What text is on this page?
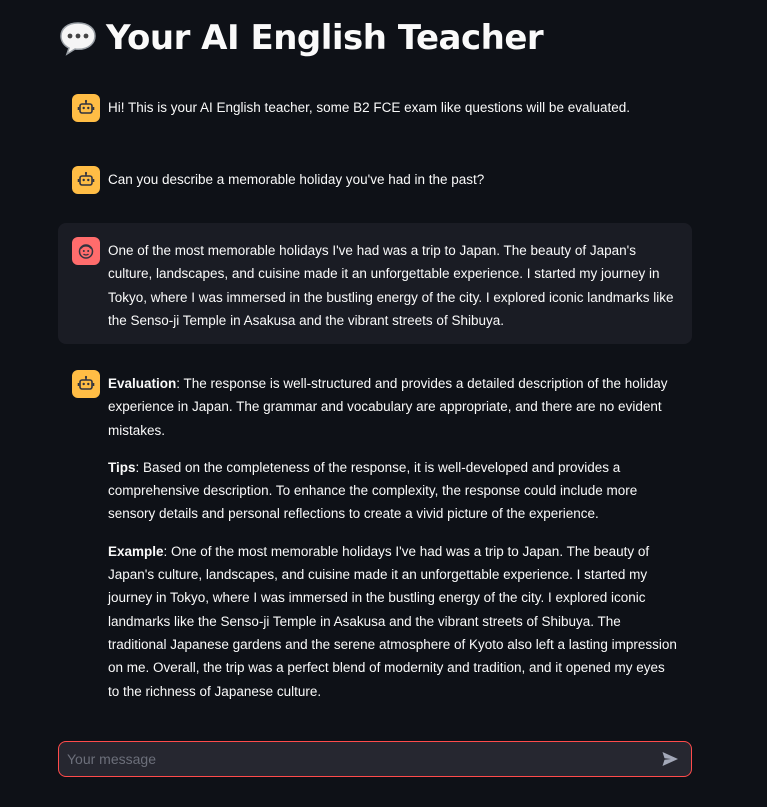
Your AI English Teacher
Hi! This is your AI English teacher, some B2 FCE exam like questions will be evaluated.
Can you describe a memorable holiday you've had in the past?
One of the most memorable holidays I've had was a trip to Japan. The beauty of Japan's culture, landscapes, and cuisine made it an unforgettable experience. I started my journey in Tokyo, where I was immersed in the bustling energy of the city. I explored iconic landmarks like the Senso-ji Temple in Asakusa and the vibrant streets of Shibuya.

Evaluation: The response is well-structured and provides a detailed description of the holiday experience in Japan. The grammar and vocabulary are appropriate, and there are no evident mistakes.

Tips: Based on the completeness of the response, it is well-developed and provides a comprehensive description. To enhance the complexity, the response could include more sensory details and personal reflections to create a vivid picture of the experience.

Example: One of the most memorable holidays I've had was a trip to Japan. The beauty of Japan's culture, landscapes, and cuisine made it an unforgettable experience. I started my journey in Tokyo, where I was immersed in the bustling energy of the city. I explored iconic landmarks like the Senso-ji Temple in Asakusa and the vibrant streets of Shibuya. The traditional Japanese gardens and the serene atmosphere of Kyoto also left a lasting impression on me. Overall, the trip was a perfect blend of modernity and tradition, and it opened my eyes to the richness of Japanese culture.

Your message
